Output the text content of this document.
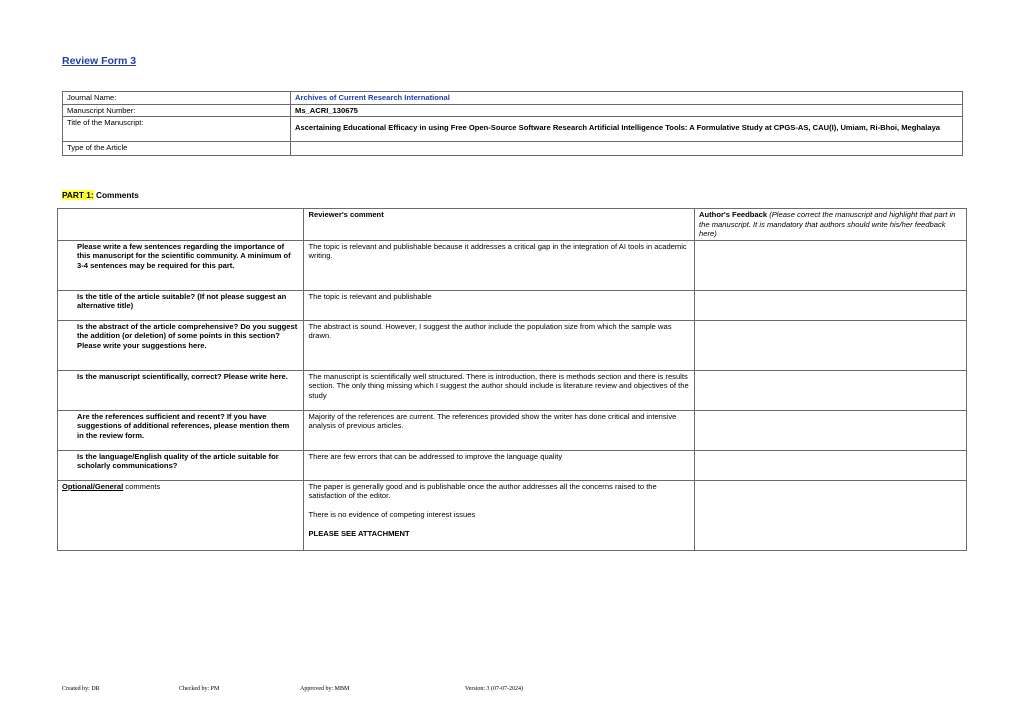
Review Form 3
Journal Name:	Archives of Current Research International
Manuscript Number:	Ms_ACRI_130675
Title of the Manuscript:	Ascertaining Educational Efficacy in using Free Open-Source Software Research Artificial Intelligence Tools: A Formulative Study at CPGS-AS, CAU(I), Umiam, Ri-Bhoi, Meghalaya
Type of the Article	
PART 1: Comments
	Reviewer's comment	Author's Feedback (Please correct the manuscript and highlight that part in the manuscript. It is mandatory that authors should write his/her feedback here)
Please write a few sentences regarding the importance of this manuscript for the scientific community. A minimum of 3-4 sentences may be required for this part.	The topic is relevant and publishable because it addresses a critical gap in the integration of AI tools in academic writing.	
Is the title of the article suitable? (If not please suggest an alternative title)	The topic is relevant and publishable	
Is the abstract of the article comprehensive? Do you suggest the addition (or deletion) of some points in this section? Please write your suggestions here.	The abstract is sound. However, I suggest the author include the population size from which the sample was drawn.	
Is the manuscript scientifically, correct? Please write here.	The manuscript is scientifically well structured. There is introduction, there is methods section and there is results section. The only thing missing which I suggest the author should include is literature review and objectives of the study	
Are the references sufficient and recent? If you have suggestions of additional references, please mention them in the review form.	Majority of the references are current. The references provided show the writer has done critical and intensive analysis of previous articles.	
Is the language/English quality of the article suitable for scholarly communications?	There are few errors that can be addressed to improve the language quality	
Optional/General comments	The paper is generally good and is publishable once the author addresses all the concerns raised to the satisfaction of the editor.

There is no evidence of competing interest issues

PLEASE SEE ATTACHMENT	

Created by: DR	Checked by: PM	Approved by: MBM	Version: 3 (07-07-2024)
